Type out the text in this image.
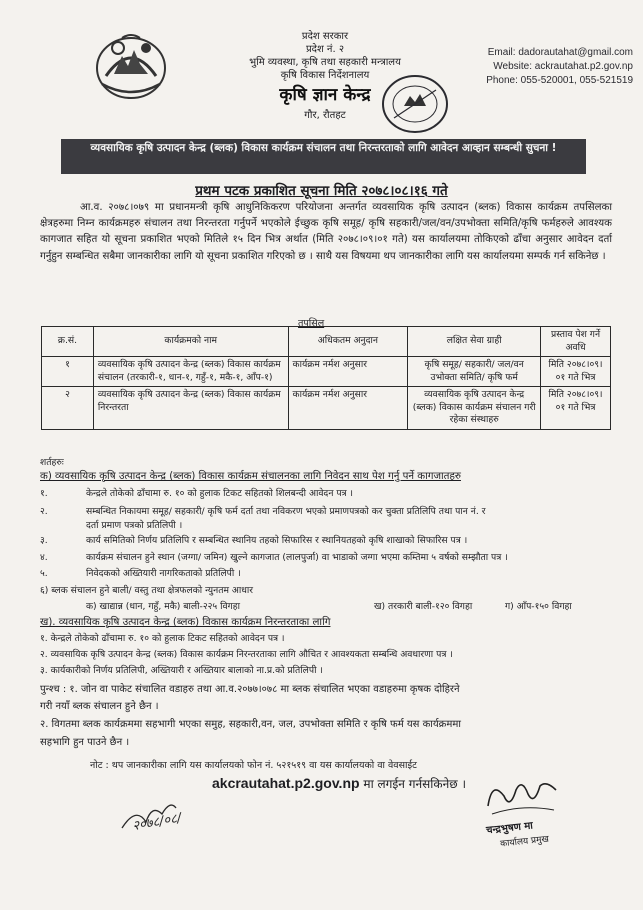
प्रदेश सरकार
प्रदेश नं. २
भुमि व्यवस्था, कृषि तथा सहकारी मन्त्रालय
कृषि विकास निर्देशनालय
कृषि ज्ञान केन्द्र
गौर, रौतहट
Email: dadorautahat@gmail.com
Website: ackrautahat.p2.gov.np
Phone: 055-520001, 055-521519
व्यवसायिक कृषि उत्पादन केन्द्र (ब्लक) विकास कार्यक्रम संचालन तथा निरन्तरताको लागि आवेदन आव्हान सम्बन्धी सुचना !
प्रथम पटक प्रकाशित सूचना मिति २०७८।०८।१६ गते
आ.व. २०७८।०७९ मा प्रधानमन्त्री कृषि आधुनिकिकरण परियोजना अन्तर्गत व्यवसायिक कृषि उत्पादन (ब्लक) विकास कार्यक्रम तपसिलका क्षेत्रहरुमा निम्न कार्यक्रमहरु संचालन तथा निरन्तरता गर्नुपर्ने भएकोले ईच्छुक कृषि समूह/ कृषि सहकारी/जल/वन/उपभोक्ता समिति/कृषि फर्महरुले आवश्यक कागजात सहित यो सूचना प्रकाशित भएको मितिले १५ दिन भित्र अर्थात (मिति २०७८।०९।०१ गते) यस कार्यालयमा तोकिएको ढाँचा अनुसार आवेदन दर्ता गर्नुहुन सम्बन्धित सबैमा जानकारीका लागि यो सूचना प्रकाशित गरिएको छ । साथै यस विषयमा थप जानकारीका लागि यस कार्यालयमा सम्पर्क गर्न सकिनेछ ।
तपसिल
क्र.सं.	कार्यक्रमको नाम	अधिकतम अनुदान	लक्षित सेवा ग्राही	प्रस्ताव पेश गर्ने अवधि
१	व्यवसायिक कृषि उत्पादन केन्द्र (ब्लक) विकास कार्यक्रम संचालन (तरकारी-१, धान-१, गहुँ-१, मकै-१, आँप-१)	कार्यक्रम नर्मश अनुसार	कृषि समूह/ सहकारी/ जल/वन उभोक्ता समिति/ कृषि फर्म	मिति २०७८।०९।०१ गते भित्र
२	व्यवसायिक कृषि उत्पादन केन्द्र (ब्लक) विकास कार्यक्रम निरन्तरता	कार्यक्रम नर्मश अनुसार	व्यवसायिक कृषि उत्पादन केन्द्र (ब्लक) विकास कार्यक्रम संचालन गरी रहेका संस्थाहरु	मिति २०७८।०९।०१ गते भित्र
शर्तहरुः
क) व्यवसायिक कृषि उत्पादन केन्द्र (ब्लक) विकास कार्यक्रम संचालनका लागि निवेदन साथ पेश गर्नु पर्ने कागजातहरु
१.	केन्द्रले तोकेको ढाँचामा रु. १० को हुलाक टिकट सहितको शिलबन्दी आवेदन पत्र ।
२.	सम्बन्धित निकायमा समूह/ सहकारी/ कृषि फर्म दर्ता तथा नविकरण भएको प्रमाणपत्रको कर चुक्ता प्रतिलिपि तथा पान नं. र
दर्ता प्रमाण पत्रको प्रतिलिपी ।
३.	कार्य समितिको निर्णय प्रतिलिपि र सम्बन्धित स्थानिय तहको सिफारिस र स्थानियतहको कृषि शाखाको सिफारिस पत्र ।
४.	कार्यक्रम संचालन हुने स्थान (जग्गा/ जमिन) खुल्ने कागजात (लालपुर्जा) वा भाडाको जग्गा भएमा कम्तिमा ५ वर्षको सम्झौता पत्र ।
५.	निवेदकको अख्तियारी नागरिकताको प्रतिलिपी ।
६) ब्लक संचालन हुने बाली/ वस्तु तथा क्षेत्रफलको न्युनतम आधार
क) खाद्यान्न (धान, गहुँ, मकै) बाली-२२५ विगहा	ख) तरकारी बाली-१२० विगहा	ग) आँप-१५० विगहा
ख). व्यवसायिक कृषि उत्पादन केन्द्र (ब्लक) विकास कार्यक्रम निरन्तरताका लागि
१. केन्द्रले तोकेको ढाँचामा रु. १० को हुलाक टिकट सहितको आवेदन पत्र ।
२. व्यवसायिक कृषि उत्पादन केन्द्र (ब्लक) विकास कार्यक्रम निरन्तरताका लागि औचित र आवश्यकता सम्बन्धि अवधारणा पत्र ।
३. कार्यकारीको निर्णय प्रतिलिपी, अख्तियारी र अख्तियार बालाको ना.प्र.को प्रतिलिपी ।
पुन्श्च : १. जोन वा पाकेट संचालित वडाहरु तथा आ.व.२०७७।०७८ मा ब्लक संचालित भएका वडाहरुमा कृषक दोहिरने
गरी नयाँ ब्लक संचालन हुने छैन ।
२. विगतमा ब्लक कार्यक्रममा सहभागी भएका समुह, सहकारी,वन, जल, उपभोक्ता समिति र कृषि फर्म यस कार्यक्रममा
सहभागि हुन पाउने छैन ।
नोट : थप जानकारीका लागि यस कार्यालयको फोन नं. ५२१५१९ वा यस कार्यालयको वा वेवसाईट
akcrautahat.p2.gov.np मा लगईन गर्नसकिनेछ ।
२०७८/०८/	चन्द्रभुषण मा
कार्यालय प्रमुख
